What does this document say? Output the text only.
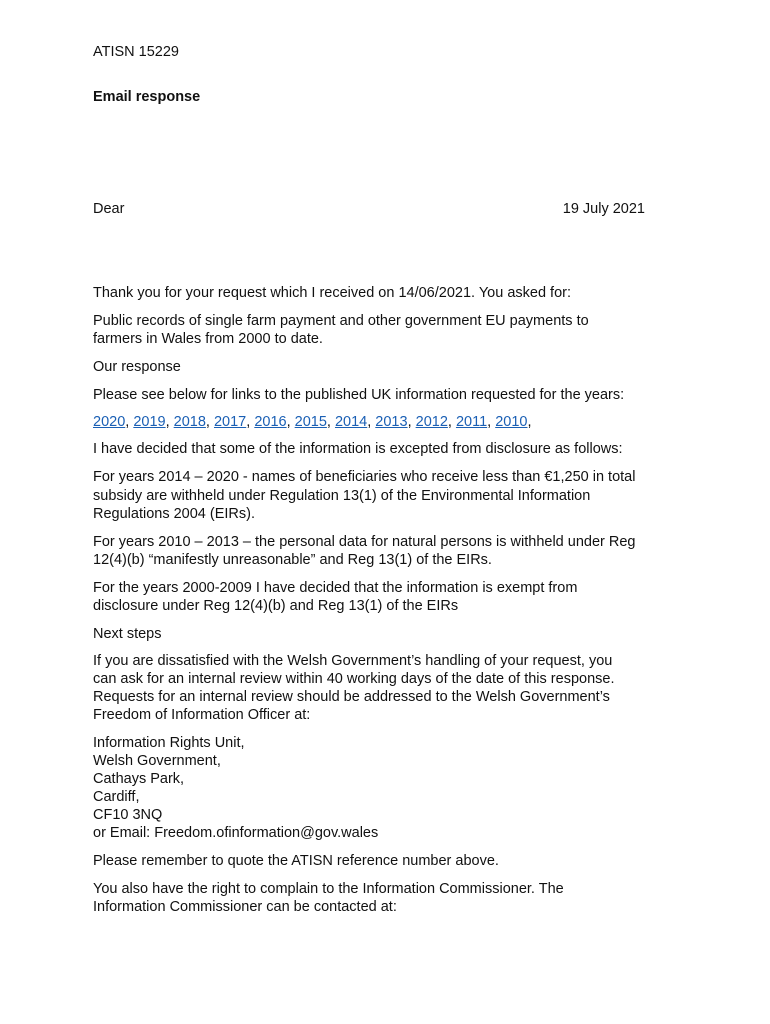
ATISN 15229
Email response
Dear	19 July 2021
Thank you for your request which I received on 14/06/2021. You asked for:
Public records of single farm payment and other government EU payments to
farmers in Wales from 2000 to date.
Our response
Please see below for links to the published UK information requested for the years:
2020, 2019, 2018, 2017, 2016, 2015, 2014, 2013, 2012, 2011, 2010,
I have decided that some of the information is excepted from disclosure as follows:
For years 2014 – 2020 - names of beneficiaries who receive less than €1,250 in total
subsidy are withheld under Regulation 13(1) of the Environmental Information
Regulations 2004 (EIRs).
For years 2010 – 2013 – the personal data for natural persons is withheld under Reg
12(4)(b) “manifestly unreasonable” and Reg 13(1) of the EIRs.
For the years 2000-2009 I have decided that the information is exempt from
disclosure under Reg 12(4)(b) and Reg 13(1) of the EIRs
Next steps
If you are dissatisfied with the Welsh Government’s handling of your request, you
can ask for an internal review within 40 working days of the date of this response.
Requests for an internal review should be addressed to the Welsh Government’s
Freedom of Information Officer at:
Information Rights Unit,
Welsh Government,
Cathays Park,
Cardiff,
CF10 3NQ
or Email: Freedom.ofinformation@gov.wales
Please remember to quote the ATISN reference number above.
You also have the right to complain to the Information Commissioner. The
Information Commissioner can be contacted at:
